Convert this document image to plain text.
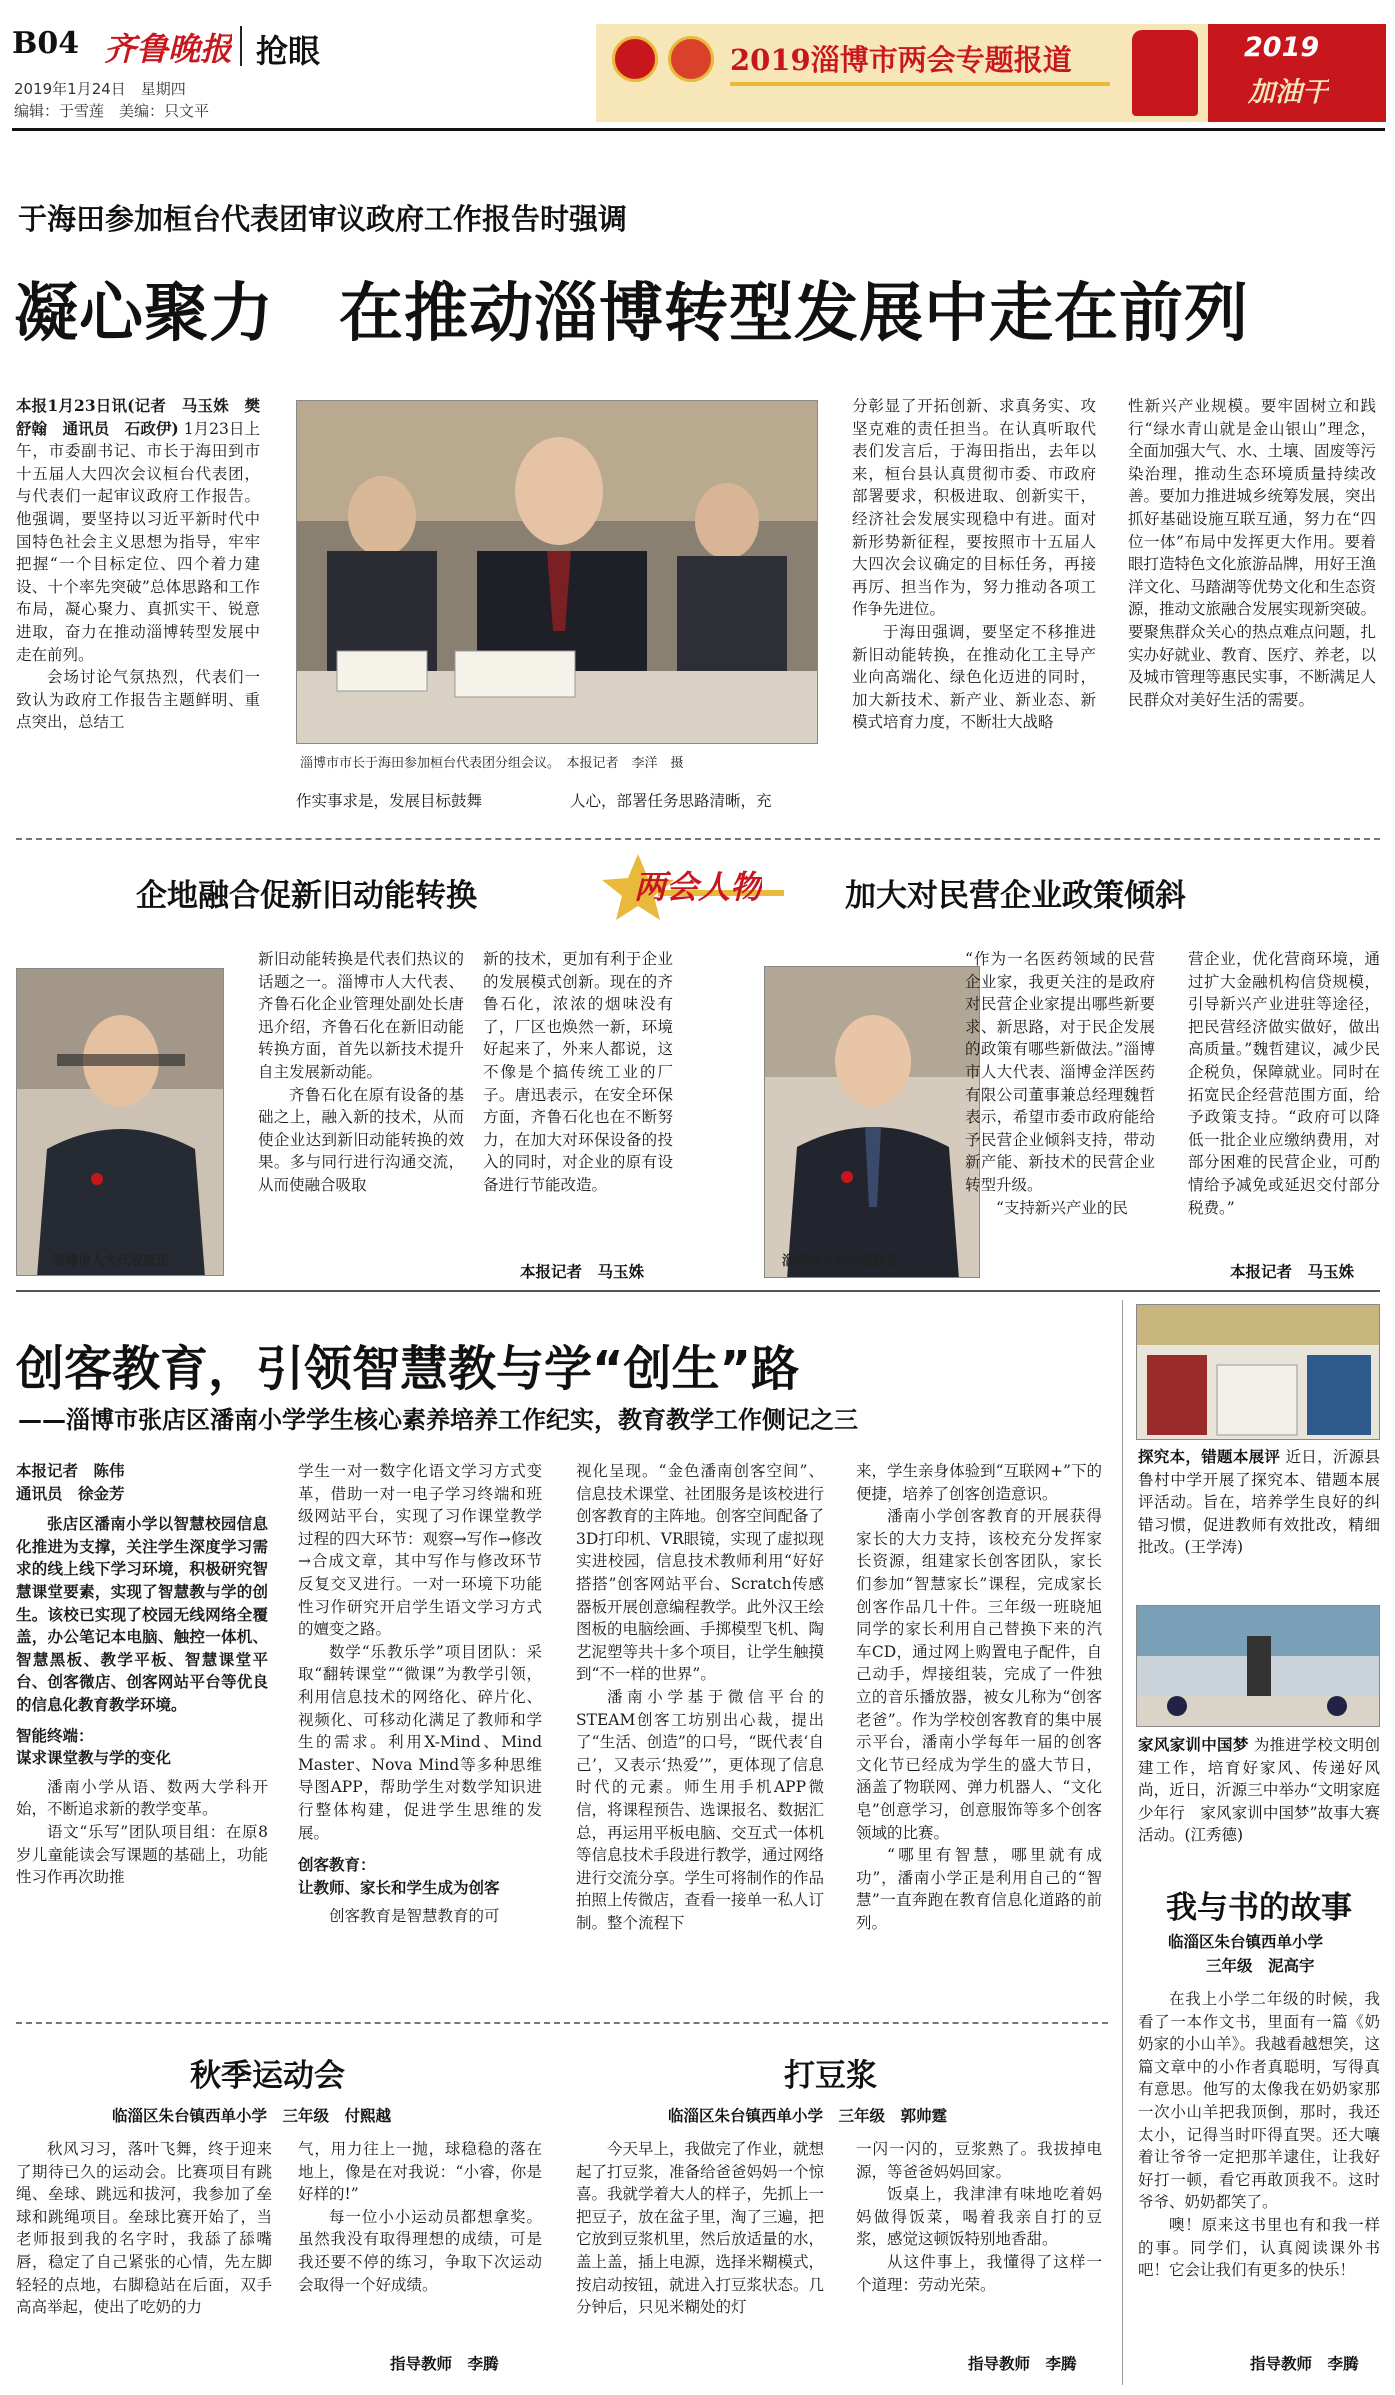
B04 齐鲁晚报 抢眼
2019年1月24日　星期四
编辑：于雪莲　美编：只文平
2019淄博市两会专题报道	2019
加油干
于海田参加桓台代表团审议政府工作报告时强调
凝心聚力　在推动淄博转型发展中走在前列
本报1月23日讯(记者　马玉姝　樊舒翰　通讯员　石政伊) 1月23日上午，市委副书记、市长于海田到市十五届人大四次会议桓台代表团，与代表们一起审议政府工作报告。他强调，要坚持以习近平新时代中国特色社会主义思想为指导，牢牢把握“一个目标定位、四个着力建设、十个率先突破”总体思路和工作布局，凝心聚力、真抓实干、锐意进取，奋力在推动淄博转型发展中走在前列。

会场讨论气氛热烈，代表们一致认为政府工作报告主题鲜明、重点突出，总结工

淄博市市长于海田参加桓台代表团分组会议。　本报记者　李洋　摄
作实事求是，发展目标鼓舞	人心，部署任务思路清晰，充
分彰显了开拓创新、求真务实、攻坚克难的责任担当。在认真听取代表们发言后，于海田指出，去年以来，桓台县认真贯彻市委、市政府部署要求，积极进取、创新实干，经济社会发展实现稳中有进。面对新形势新征程，要按照市十五届人大四次会议确定的目标任务，再接再厉、担当作为，努力推动各项工作争先进位。

于海田强调，要坚定不移推进新旧动能转换，在推动化工主导产业向高端化、绿色化迈进的同时，加大新技术、新产业、新业态、新模式培育力度，不断壮大战略

性新兴产业规模。要牢固树立和践行“绿水青山就是金山银山”理念，全面加强大气、水、土壤、固废等污染治理，推动生态环境质量持续改善。要加力推进城乡统筹发展，突出抓好基础设施互联互通，努力在“四位一体”布局中发挥更大作用。要着眼打造特色文化旅游品牌，用好王渔洋文化、马踏湖等优势文化和生态资源，推动文旅融合发展实现新突破。要聚焦群众关心的热点难点问题，扎实办好就业、教育、医疗、养老，以及城市管理等惠民实事，不断满足人民群众对美好生活的需要。
企地融合促新旧动能转换	两会人物	加大对民营企业政策倾斜
淄博市人大代表唐迅
新旧动能转换是代表们热议的话题之一。淄博市人大代表、齐鲁石化企业管理处副处长唐迅介绍，齐鲁石化在新旧动能转换方面，首先以新技术提升自主发展新动能。

齐鲁石化在原有设备的基础之上，融入新的技术，从而使企业达到新旧动能转换的效果。多与同行进行沟通交流，从而使融合吸取

新的技术，更加有利于企业的发展模式创新。现在的齐鲁石化，浓浓的烟味没有了，厂区也焕然一新，环境好起来了，外来人都说，这不像是个搞传统工业的厂子。唐迅表示，在安全环保方面，齐鲁石化也在不断努力，在加大对环保设备的投入的同时，对企业的原有设备进行节能改造。
本报记者　马玉姝
淄博市人大代表魏哲
“作为一名医药领域的民营企业家，我更关注的是政府对民营企业家提出哪些新要求、新思路，对于民企发展的政策有哪些新做法。”淄博市人大代表、淄博金洋医药有限公司董事兼总经理魏哲表示，希望市委市政府能给予民营企业倾斜支持，带动新产能、新技术的民营企业转型升级。

“支持新兴产业的民

营企业，优化营商环境，通过扩大金融机构信贷规模，引导新兴产业进驻等途径，把民营经济做实做好，做出高质量。”魏哲建议，减少民企税负，保障就业。同时在拓宽民企经营范围方面，给予政策支持。“政府可以降低一批企业应缴纳费用，对部分困难的民营企业，可酌情给予减免或延迟交付部分税费。”
本报记者　马玉姝
创客教育，引领智慧教与学“创生”路
——淄博市张店区潘南小学学生核心素养培养工作纪实，教育教学工作侧记之三
本报记者　陈伟
通讯员　徐金芳

张店区潘南小学以智慧校园信息化推进为支撑，关注学生深度学习需求的线上线下学习环境，积极研究智慧课堂要素，实现了智慧教与学的创生。该校已实现了校园无线网络全覆盖，办公笔记本电脑、触控一体机、智慧黑板、教学平板、智慧课堂平台、创客微店、创客网站平台等优良的信息化教育教学环境。

智能终端：

谋求课堂教与学的变化

潘南小学从语、数两大学科开始，不断追求新的教学变革。

语文“乐写”团队项目组：在原8岁儿童能读会写课题的基础上，功能性习作再次助推

学生一对一数字化语文学习方式变革，借助一对一电子学习终端和班级网站平台，实现了习作课堂教学过程的四大环节：观察→写作→修改→合成文章，其中写作与修改环节反复交叉进行。一对一环境下功能性习作研究开启学生语文学习方式的嬗变之路。

数学“乐教乐学”项目团队：采取“翻转课堂”“微课”为教学引领，利用信息技术的网络化、碎片化、视频化、可移动化满足了教师和学生的需求。利用X-Mind、Mind Master、Nova Mind等多种思维导图APP，帮助学生对数学知识进行整体构建，促进学生思维的发展。

创客教育：

让教师、家长和学生成为创客

创客教育是智慧教育的可

视化呈现。“金色潘南创客空间”、信息技术课堂、社团服务是该校进行创客教育的主阵地。创客空间配备了3D打印机、VR眼镜，实现了虚拟现实进校园，信息技术教师利用“好好搭搭”创客网站平台、Scratch传感器板开展创意编程教学。此外汉王绘图板的电脑绘画、手掷模型飞机、陶艺泥塑等共十多个项目，让学生触摸到“不一样的世界”。

潘南小学基于微信平台的STEAM创客工坊别出心裁，提出了“生活、创造”的口号，“既代表‘自己’，又表示‘热爱’”，更体现了信息时代的元素。师生用手机APP微信，将课程预告、选课报名、数据汇总，再运用平板电脑、交互式一体机等信息技术手段进行教学，通过网络进行交流分享。学生可将制作的作品拍照上传微店，查看一接单一私人订制。整个流程下

来，学生亲身体验到“互联网+”下的便捷，培养了创客创造意识。

潘南小学创客教育的开展获得家长的大力支持，该校充分发挥家长资源，组建家长创客团队，家长们参加“智慧家长”课程，完成家长创客作品几十件。三年级一班晓旭同学的家长利用自己替换下来的汽车CD，通过网上购置电子配件，自己动手，焊接组装，完成了一件独立的音乐播放器，被女儿称为“创客老爸”。作为学校创客教育的集中展示平台，潘南小学每年一届的创客文化节已经成为学生的盛大节日，涵盖了物联网、弹力机器人、“文化皂”创意学习，创意服饰等多个创客领域的比赛。

“哪里有智慧，哪里就有成功”，潘南小学正是利用自己的“智慧”一直奔跑在教育信息化道路的前列。

探究本，错题本展评 近日，沂源县鲁村中学开展了探究本、错题本展评活动。旨在，培养学生良好的纠错习惯，促进教师有效批改，精细批改。(王学涛)
家风家训中国梦 为推进学校文明创建工作，培育好家风、传递好风尚，近日，沂源三中举办“文明家庭少年行　家风家训中国梦”故事大赛活动。(江秀德)
我与书的故事
临淄区朱台镇西单小学
三年级　泥高宇

在我上小学二年级的时候，我看了一本作文书，里面有一篇《奶奶家的小山羊》。我越看越想笑，这篇文章中的小作者真聪明，写得真有意思。他写的太像我在奶奶家那一次小山羊把我顶倒，那时，我还太小，记得当时吓得直哭。还大嚷着让爷爷一定把那羊逮住，让我好好打一顿，看它再敢顶我不。这时爷爷、奶奶都笑了。

噢！原来这书里也有和我一样的事。同学们，认真阅读课外书吧！它会让我们有更多的快乐！

指导教师　李腾
秋季运动会
临淄区朱台镇西单小学　三年级　付熙越

秋风习习，落叶飞舞，终于迎来了期待已久的运动会。比赛项目有跳绳、垒球、跳远和拔河，我参加了垒球和跳绳项目。垒球比赛开始了，当老师报到我的名字时，我舔了舔嘴唇，稳定了自己紧张的心情，先左脚轻轻的点地，右脚稳站在后面，双手高高举起，使出了吃奶的力

气，用力往上一抛，球稳稳的落在地上，像是在对我说：“小睿，你是好样的!”

每一位小小运动员都想拿奖。虽然我没有取得理想的成绩，可是我还要不停的练习，争取下次运动会取得一个好成绩。

指导教师　李腾
打豆浆
临淄区朱台镇西单小学　三年级　郭帅霆

今天早上，我做完了作业，就想起了打豆浆，准备给爸爸妈妈一个惊喜。我就学着大人的样子，先抓上一把豆子，放在盆子里，淘了三遍，把它放到豆浆机里，然后放适量的水，盖上盖，插上电源，选择米糊模式，按启动按钮，就进入打豆浆状态。几分钟后，只见米糊处的灯

一闪一闪的，豆浆熟了。我拔掉电源，等爸爸妈妈回家。

饭桌上，我津津有味地吃着妈妈做得饭菜，喝着我亲自打的豆浆，感觉这顿饭特别地香甜。

从这件事上，我懂得了这样一个道理：劳动光荣。

指导教师　李腾
